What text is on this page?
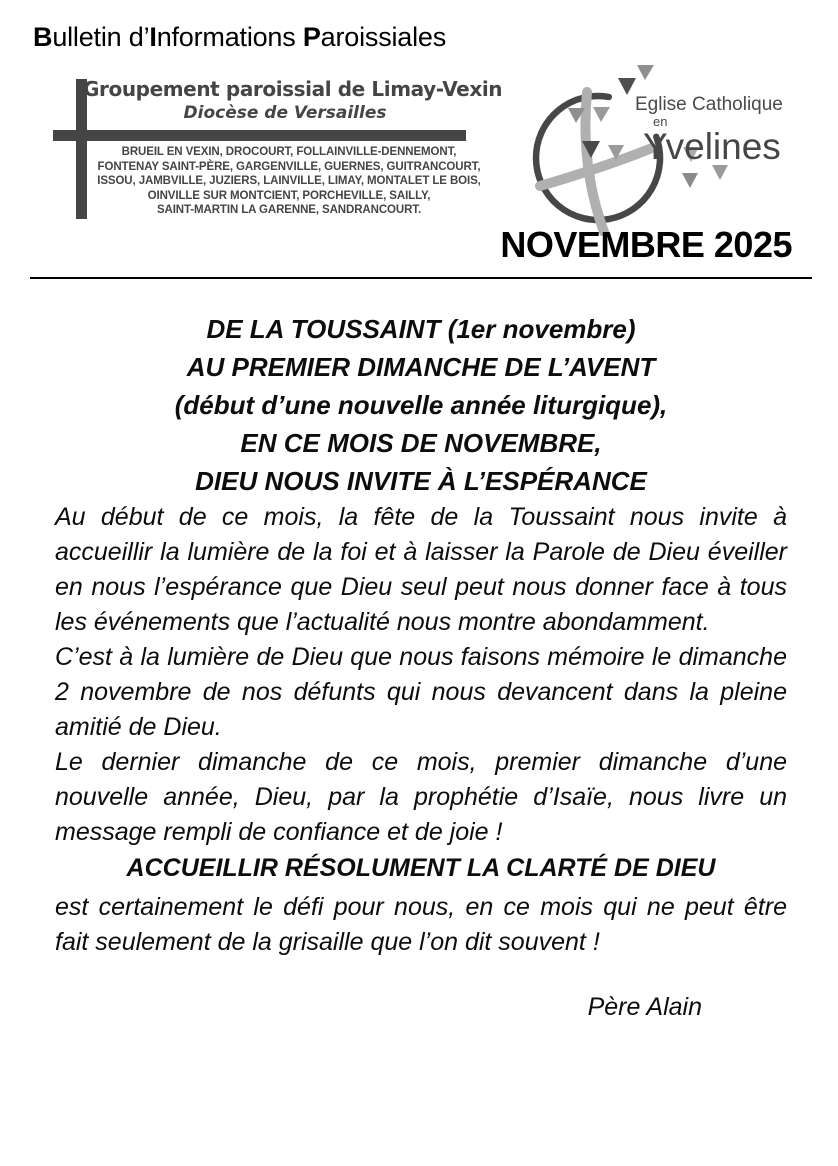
Bulletin d’Informations Paroissiales
Groupement paroissial de Limay-Vexin
Diocèse de Versailles
BRUEIL EN VEXIN, DROCOURT, FOLLAINVILLE-DENNEMONT,
FONTENAY SAINT-PÈRE, GARGENVILLE, GUERNES, GUITRANCOURT,
ISSOU, JAMBVILLE, JUZIERS, LAINVILLE, LIMAY, MONTALET LE BOIS,
OINVILLE SUR MONTCIENT, PORCHEVILLE, SAILLY,
SAINT-MARTIN LA GARENNE, SANDRANCOURT.
Eglise Catholique
en
Yvelines
NOVEMBRE 2025
DE LA TOUSSAINT (1er novembre)
AU PREMIER DIMANCHE DE L’AVENT
(début d’une nouvelle année liturgique),
EN CE MOIS DE NOVEMBRE,
DIEU NOUS INVITE À L’ESPÉRANCE

Au début de ce mois, la fête de la Toussaint nous invite à accueillir la lumière de la foi et à laisser la Parole de Dieu éveiller en nous l’espérance que Dieu seul peut nous donner face à tous les événements que l’actualité nous montre abondamment.

C’est à la lumière de Dieu que nous faisons mémoire le dimanche 2 novembre de nos défunts qui nous devancent dans la pleine amitié de Dieu.

Le dernier dimanche de ce mois, premier dimanche d’une nouvelle année, Dieu, par la prophétie d’Isaïe, nous livre un message rempli de confiance et de joie !

ACCUEILLIR RÉSOLUMENT LA CLARTÉ DE DIEU

est certainement le défi pour nous, en ce mois qui ne peut être fait seulement de la grisaille que l’on dit souvent !

Père Alain
